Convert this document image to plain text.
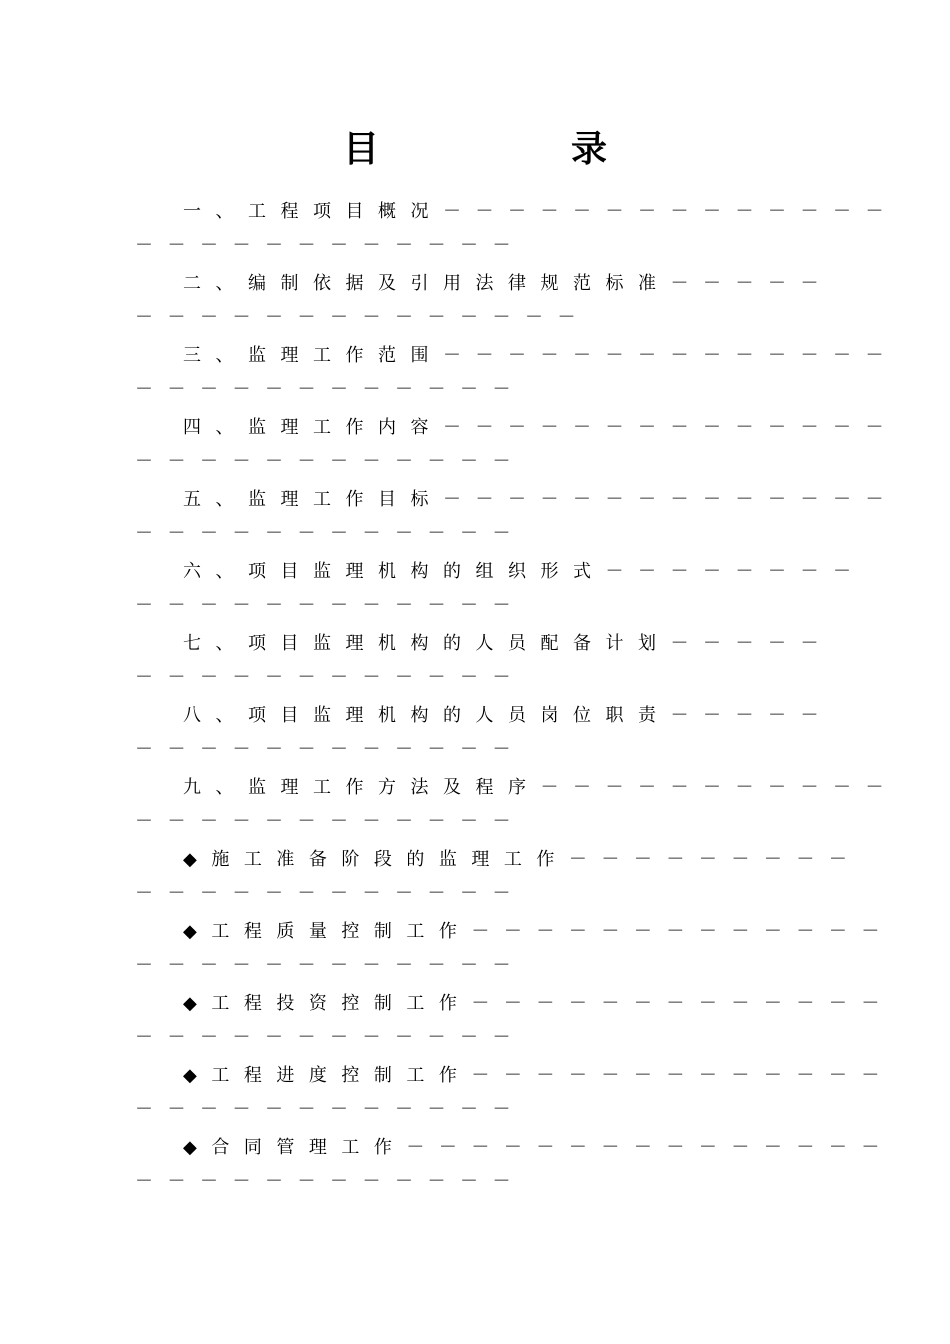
目　录
一、工程项目概况－－－－－－－－－－－－－－
－－－－－－－－－－－－
二、编制依据及引用法律规范标准－－－－－
－－－－－－－－－－－－－－
三、监理工作范围－－－－－－－－－－－－－－
－－－－－－－－－－－－
四、监理工作内容－－－－－－－－－－－－－－
－－－－－－－－－－－－
五、监理工作目标－－－－－－－－－－－－－－
－－－－－－－－－－－－
六、项目监理机构的组织形式－－－－－－－－
－－－－－－－－－－－－
七、项目监理机构的人员配备计划－－－－－
－－－－－－－－－－－－
八、项目监理机构的人员岗位职责－－－－－
－－－－－－－－－－－－
九、监理工作方法及程序－－－－－－－－－－－
－－－－－－－－－－－－
◆施工准备阶段的监理工作－－－－－－－－－
－－－－－－－－－－－－
◆工程质量控制工作－－－－－－－－－－－－－
－－－－－－－－－－－－
◆工程投资控制工作－－－－－－－－－－－－－
－－－－－－－－－－－－
◆工程进度控制工作－－－－－－－－－－－－－
－－－－－－－－－－－－
◆合同管理工作－－－－－－－－－－－－－－－
－－－－－－－－－－－－
